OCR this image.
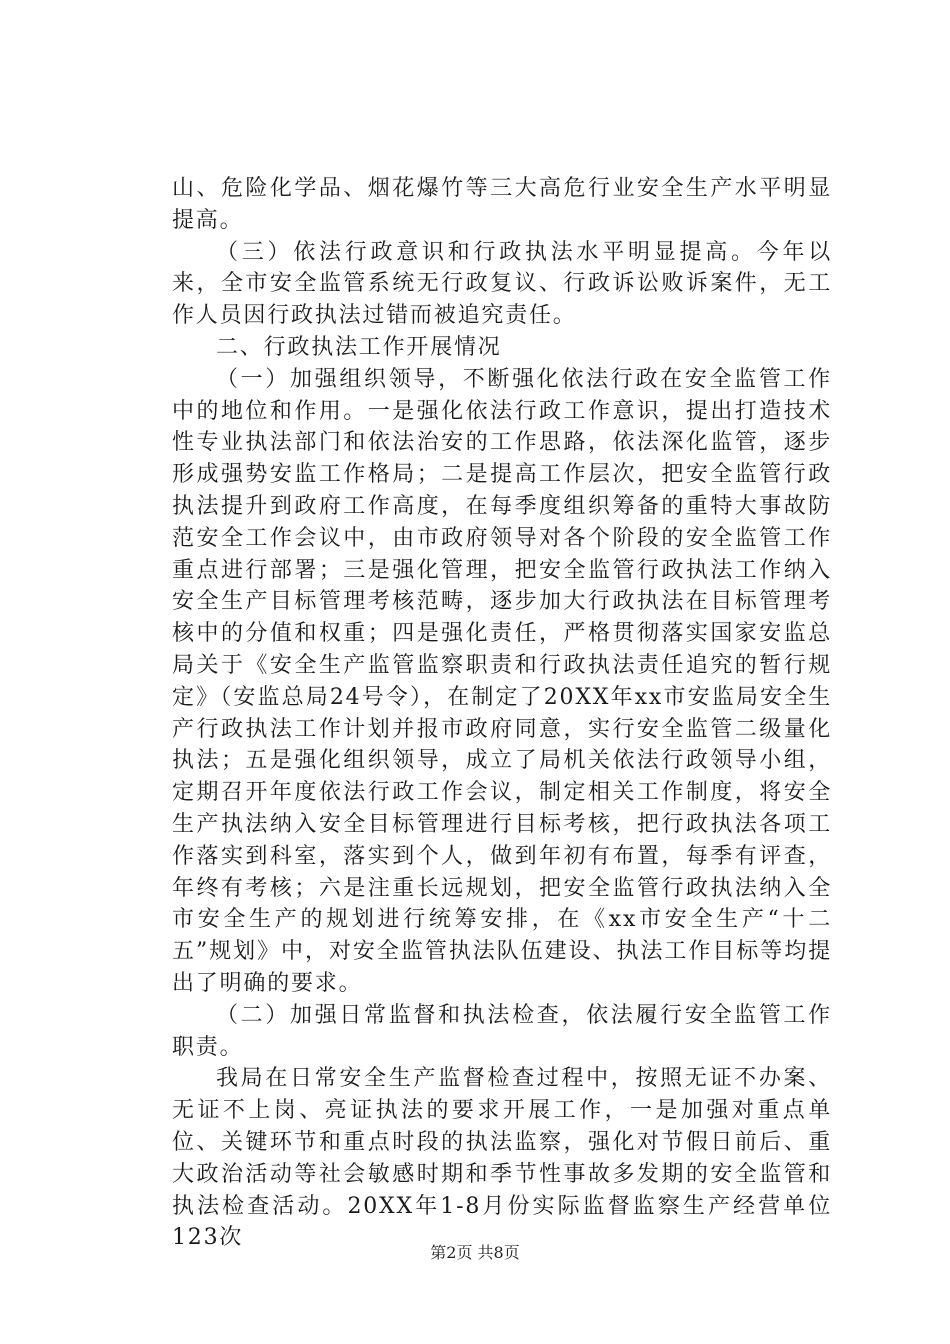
山、危险化学品、烟花爆竹等三大高危行业安全生产水平明显提高。

（三）依法行政意识和行政执法水平明显提高。今年以来，全市安全监管系统无行政复议、行政诉讼败诉案件，无工作人员因行政执法过错而被追究责任。

二、行政执法工作开展情况

（一）加强组织领导，不断强化依法行政在安全监管工作中的地位和作用。一是强化依法行政工作意识，提出打造技术性专业执法部门和依法治安的工作思路，依法深化监管，逐步形成强势安监工作格局；二是提高工作层次，把安全监管行政执法提升到政府工作高度，在每季度组织筹备的重特大事故防范安全工作会议中，由市政府领导对各个阶段的安全监管工作重点进行部署；三是强化管理，把安全监管行政执法工作纳入安全生产目标管理考核范畴，逐步加大行政执法在目标管理考核中的分值和权重；四是强化责任，严格贯彻落实国家安监总局关于《安全生产监管监察职责和行政执法责任追究的暂行规定》（安监总局24号令），在制定了20XX年xx市安监局安全生产行政执法工作计划并报市政府同意，实行安全监管二级量化执法；五是强化组织领导，成立了局机关依法行政领导小组，定期召开年度依法行政工作会议，制定相关工作制度，将安全生产执法纳入安全目标管理进行目标考核，把行政执法各项工作落实到科室，落实到个人，做到年初有布置，每季有评查，年终有考核；六是注重长远规划，把安全监管行政执法纳入全市安全生产的规划进行统筹安排，在《xx市安全生产“十二五”规划》中，对安全监管执法队伍建设、执法工作目标等均提出了明确的要求。

（二）加强日常监督和执法检查，依法履行安全监管工作职责。

我局在日常安全生产监督检查过程中，按照无证不办案、无证不上岗、亮证执法的要求开展工作，一是加强对重点单位、关键环节和重点时段的执法监察，强化对节假日前后、重大政治活动等社会敏感时期和季节性事故多发期的安全监管和执法检查活动。20XX年1-8月份实际监督监察生产经营单位123次

第2页 共8页
